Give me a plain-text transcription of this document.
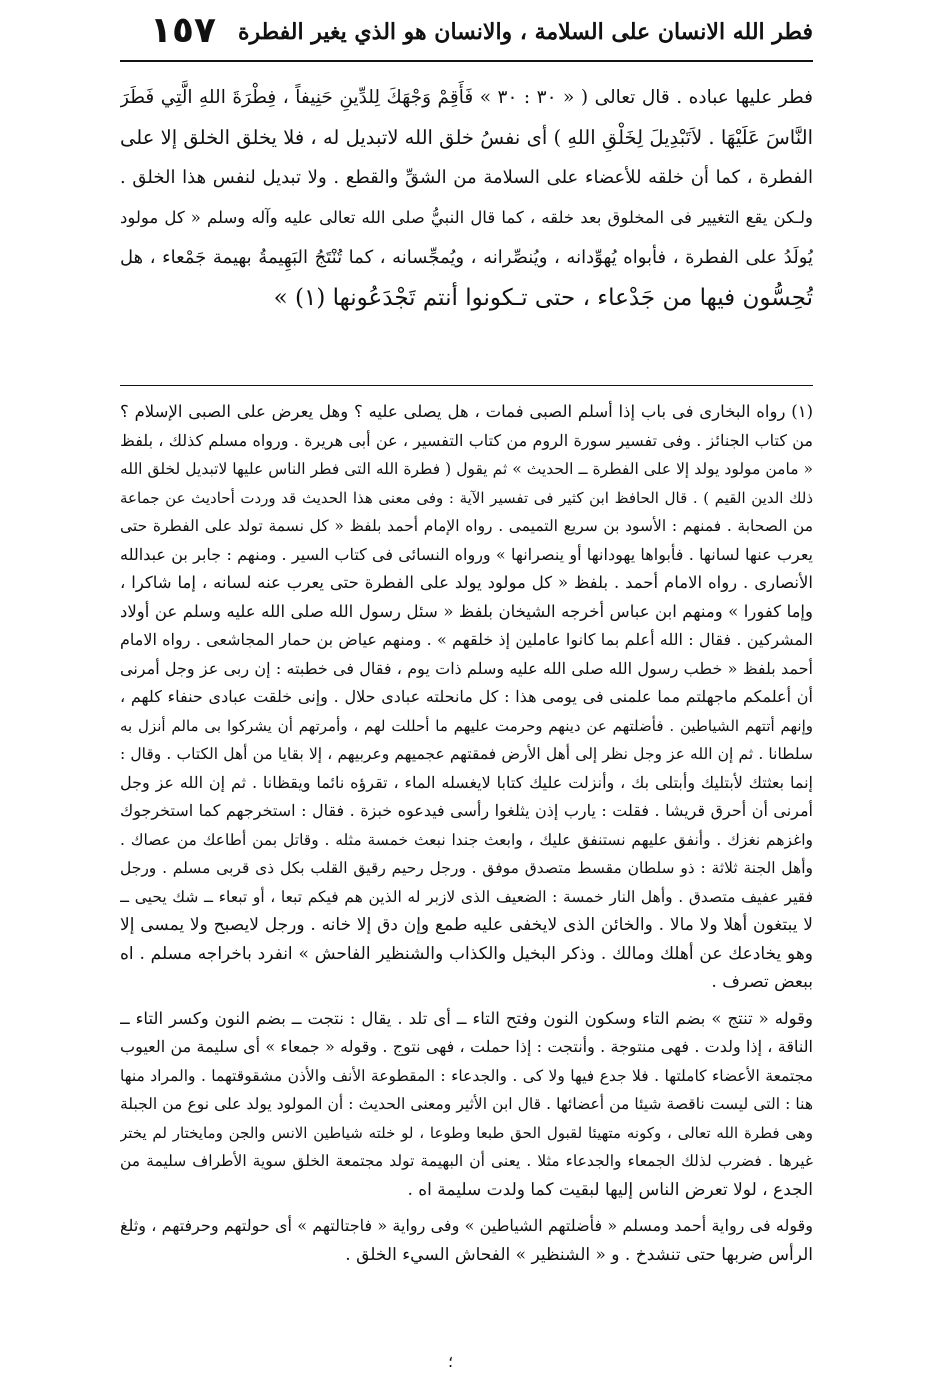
فطر الله الانسان على السلامة ، والانسان هو الذي يغير الفطرة
١٥٧
فطر عليها عباده . قال تعالى ( « ٣٠ : ٣٠ » فَأَقِمْ وَجْهَكَ لِلدِّينِ حَنِيفاً ، فِطْرَةَ اللهِ الَّتِي فَطَرَ
النَّاسَ عَلَيْهَا . لاَتَبْدِيلَ لِخَلْقِ اللهِ ) أى نفسُ خلق الله لاتبديل له ، فلا يخلق الخلق إلا على
الفطرة ، كما أن خلقه للأعضاء على السلامة من الشقِّ والقطع . ولا تبديل لنفس هذا الخلق .
ولـكن يقع التغيير فى المخلوق بعد خلقه ، كما قال النبيُّ صلى الله تعالى عليه وآله وسلم « كل مولود
يُولَدُ على الفطرة ، فأبواه يُهوِّدانه ، ويُنصِّرانه ، ويُمجِّسانه ، كما تُنْتَجُ البَهِيمةُ بهيمة جَمْعاء ، هل
تُحِسُّون فيها من جَدْعاء ، حتى تـكونوا أنتم تَجْدَعُونها (١) »
(١) رواه البخارى فى باب إذا أسلم الصبى فمات ، هل يصلى عليه ؟ وهل يعرض على الصبى الإسلام ؟
من كتاب الجنائز . وفى تفسير سورة الروم من كتاب التفسير ، عن أبى هريرة . ورواه مسلم كذلك ، بلفظ
« مامن مولود يولد إلا على الفطرة ــ الحديث » ثم يقول ( فطرة الله التى فطر الناس عليها لاتبديل لخلق الله
ذلك الدين القيم ) . قال الحافظ ابن كثير فى تفسير الآية : وفى معنى هذا الحديث قد وردت أحاديث عن جماعة
من الصحابة . فمنهم : الأسود بن سريع التميمى . رواه الإمام أحمد بلفظ « كل نسمة تولد على الفطرة حتى
يعرب عنها لسانها . فأبواها يهودانها أو ينصرانها » ورواه النسائى فى كتاب السير . ومنهم : جابر بن عبدالله
الأنصارى . رواه الامام أحمد . بلفظ « كل مولود يولد على الفطرة حتى يعرب عنه لسانه ، إما شاكرا ،
وإما كفورا » ومنهم ابن عباس أخرجه الشيخان بلفظ « سئل رسول الله صلى الله عليه وسلم عن أولاد
المشركين . فقال : الله أعلم بما كانوا عاملين إذ خلقهم » . ومنهم عياض بن حمار المجاشعى . رواه الامام
أحمد بلفظ « خطب رسول الله صلى الله عليه وسلم ذات يوم ، فقال فى خطبته : إن ربى عز وجل أمرنى
أن أعلمكم ماجهلتم مما علمنى فى يومى هذا : كل مانحلته عبادى حلال . وإنى خلقت عبادى حنفاء كلهم ،
وإنهم أتتهم الشياطين . فأضلتهم عن دينهم وحرمت عليهم ما أحللت لهم ، وأمرتهم أن يشركوا بى مالم أنزل به
سلطانا . ثم إن الله عز وجل نظر إلى أهل الأرض فمقتهم عجميهم وعربيهم ، إلا بقايا من أهل الكتاب . وقال :
إنما بعثتك لأبتليك وأبتلى بك ، وأنزلت عليك كتابا لايغسله الماء ، تقرؤه نائما ويقظانا . ثم إن الله عز وجل
أمرنى أن أحرق قريشا . فقلت : يارب إذن يثلغوا رأسى فيدعوه خبزة . فقال : استخرجهم كما استخرجوك
واغزهم نغزك . وأنفق عليهم نستنفق عليك ، وابعث جندا نبعث خمسة مثله . وقاتل بمن أطاعك من عصاك .
وأهل الجنة ثلاثة : ذو سلطان مقسط متصدق موفق . ورجل رحيم رقيق القلب بكل ذى قربى مسلم . ورجل
فقير عفيف متصدق . وأهل النار خمسة : الضعيف الذى لازبر له الذين هم فيكم تبعا ، أو تبعاء ــ شك يحيى ــ
لا يبتغون أهلا ولا مالا . والخائن الذى لايخفى عليه طمع وإن دق إلا خانه . ورجل لايصبح ولا يمسى إلا
وهو يخادعك عن أهلك ومالك . وذكر البخيل والكذاب والشنظير الفاحش » انفرد باخراجه مسلم . اه
ببعض تصرف .
وقوله « تنتج » بضم التاء وسكون النون وفتح التاء ــ أى تلد . يقال : نتجت ــ بضم النون وكسر التاء ــ
الناقة ، إذا ولدت . فهى منتوجة . وأنتجت : إذا حملت ، فهى نتوج . وقوله « جمعاء » أى سليمة من العيوب
مجتمعة الأعضاء كاملتها . فلا جدع فيها ولا كى . والجدعاء : المقطوعة الأنف والأذن مشقوقتهما . والمراد منها
هنا : التى ليست ناقصة شيئا من أعضائها . قال ابن الأثير ومعنى الحديث : أن المولود يولد على نوع من الجبلة
وهى فطرة الله تعالى ، وكونه متهيئا لقبول الحق طبعا وطوعا ، لو خلته شياطين الانس والجن ومايختار لم يختر
غيرها . فضرب لذلك الجمعاء والجدعاء مثلا . يعنى أن البهيمة تولد مجتمعة الخلق سوية الأطراف سليمة من
الجدع ، لولا تعرض الناس إليها لبقيت كما ولدت سليمة اه .
وقوله فى رواية أحمد ومسلم « فأضلتهم الشياطين » وفى رواية « فاجتالتهم » أى حولتهم وحرفتهم ، وثلغ
الرأس ضربها حتى تنشدخ . و « الشنظير » الفحاش السيء الخلق .
؛
